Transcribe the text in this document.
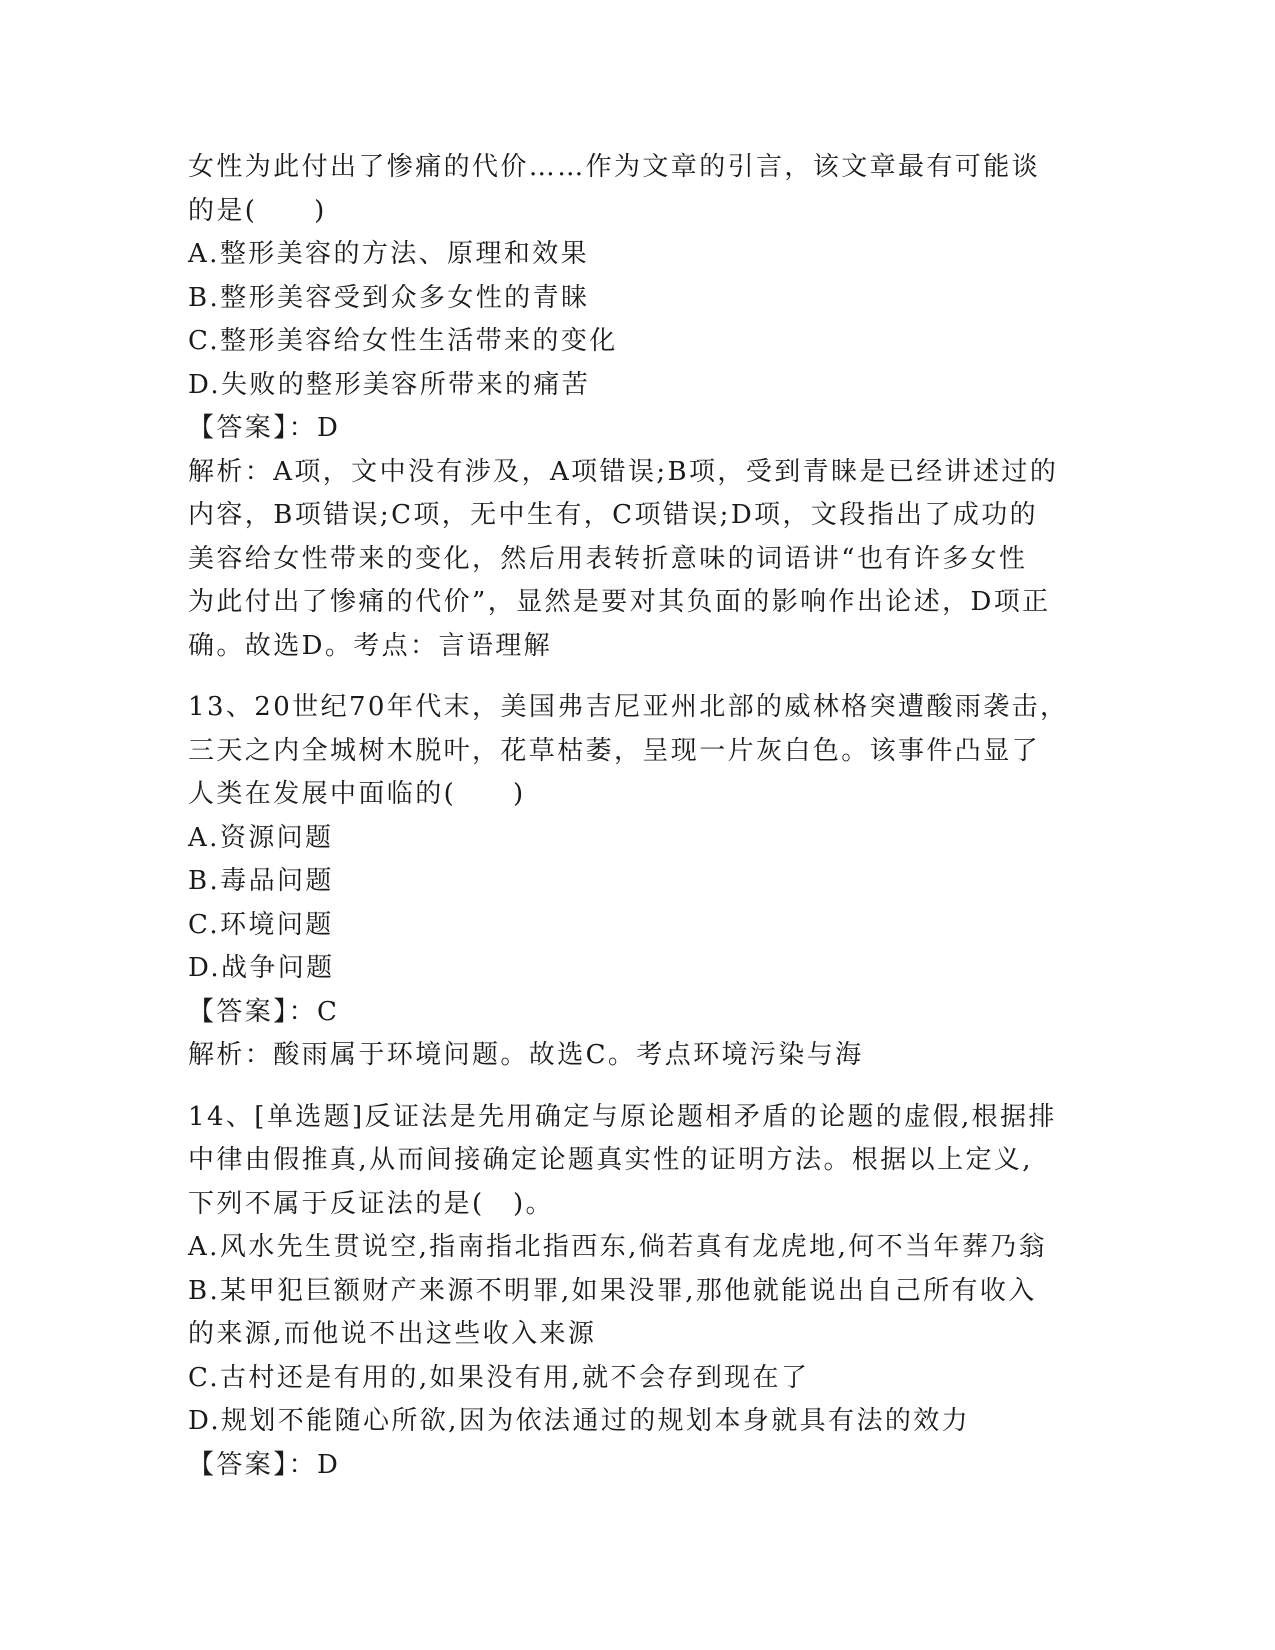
女性为此付出了惨痛的代价……作为文章的引言，该文章最有可能谈
的是(　　)
A.整形美容的方法、原理和效果
B.整形美容受到众多女性的青睐
C.整形美容给女性生活带来的变化
D.失败的整形美容所带来的痛苦
【答案】：D
解析：A项，文中没有涉及，A项错误;B项，受到青睐是已经讲述过的
内容，B项错误;C项，无中生有，C项错误;D项，文段指出了成功的
美容给女性带来的变化，然后用表转折意味的词语讲“也有许多女性
为此付出了惨痛的代价”，显然是要对其负面的影响作出论述，D项正
确。故选D。考点：言语理解
13、20世纪70年代末，美国弗吉尼亚州北部的威林格突遭酸雨袭击，
三天之内全城树木脱叶，花草枯萎，呈现一片灰白色。该事件凸显了
人类在发展中面临的(　　)
A.资源问题
B.毒品问题
C.环境问题
D.战争问题
【答案】：C
解析：酸雨属于环境问题。故选C。考点环境污染与海
14、[单选题]反证法是先用确定与原论题相矛盾的论题的虚假,根据排
中律由假推真,从而间接确定论题真实性的证明方法。根据以上定义,
下列不属于反证法的是(　)。
A.风水先生贯说空,指南指北指西东,倘若真有龙虎地,何不当年葬乃翁
B.某甲犯巨额财产来源不明罪,如果没罪,那他就能说出自己所有收入
的来源,而他说不出这些收入来源
C.古村还是有用的,如果没有用,就不会存到现在了
D.规划不能随心所欲,因为依法通过的规划本身就具有法的效力
【答案】：D
